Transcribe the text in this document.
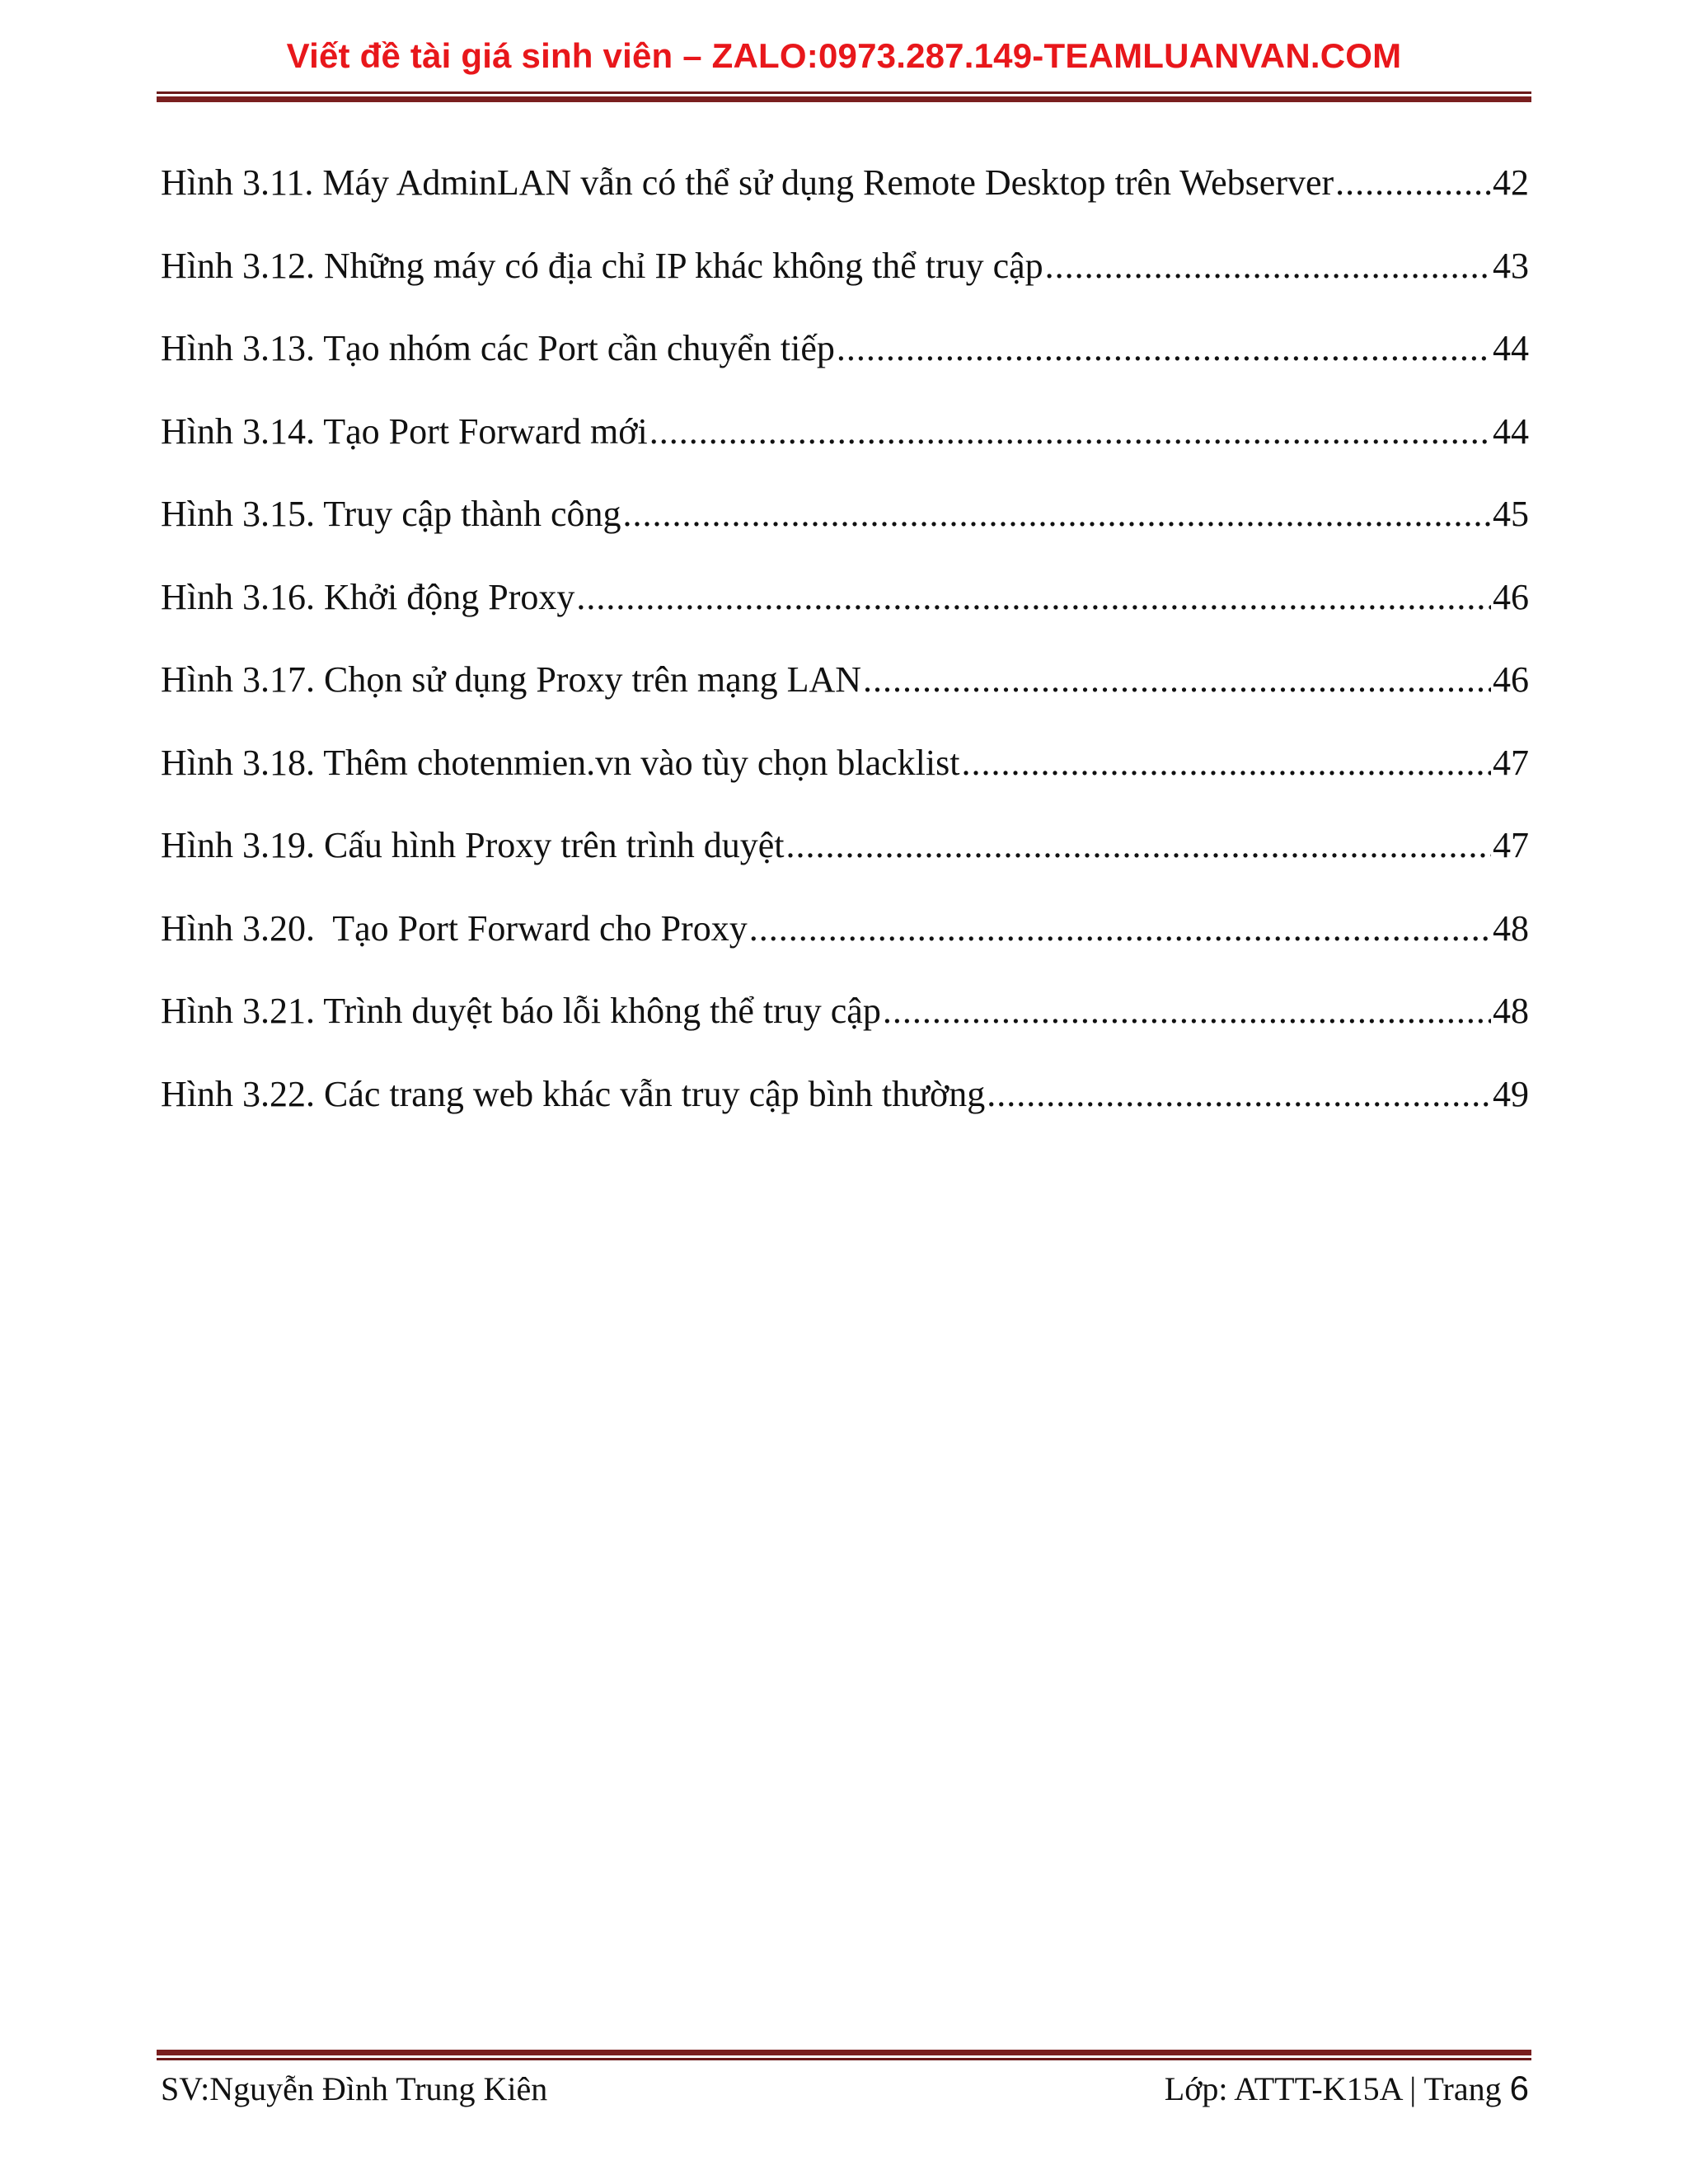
Viết đề tài giá sinh viên – ZALO:0973.287.149-TEAMLUANVAN.COM
Hình 3.11. Máy AdminLAN vẫn có thể sử dụng Remote Desktop trên Webserver .....	42
Hình 3.12. Những máy có địa chỉ IP khác không thể truy cập .....	43
Hình 3.13. Tạo nhóm các Port cần chuyển tiếp .....	44
Hình 3.14. Tạo Port Forward mới .....	44
Hình 3.15. Truy cập thành công .....	45
Hình 3.16. Khởi động Proxy .....	46
Hình 3.17. Chọn sử dụng Proxy trên mạng LAN .....	46
Hình 3.18. Thêm chotenmien.vn vào tùy chọn blacklist .....	47
Hình 3.19. Cấu hình Proxy trên trình duyệt .....	47
Hình 3.20.  Tạo Port Forward cho Proxy .....	48
Hình 3.21. Trình duyệt báo lỗi không thể truy cập .....	48
Hình 3.22. Các trang web khác vẫn truy cập bình thường .....	49
SV:Nguyễn Đình Trung Kiên	Lớp: ATTT-K15A | Trang 6
